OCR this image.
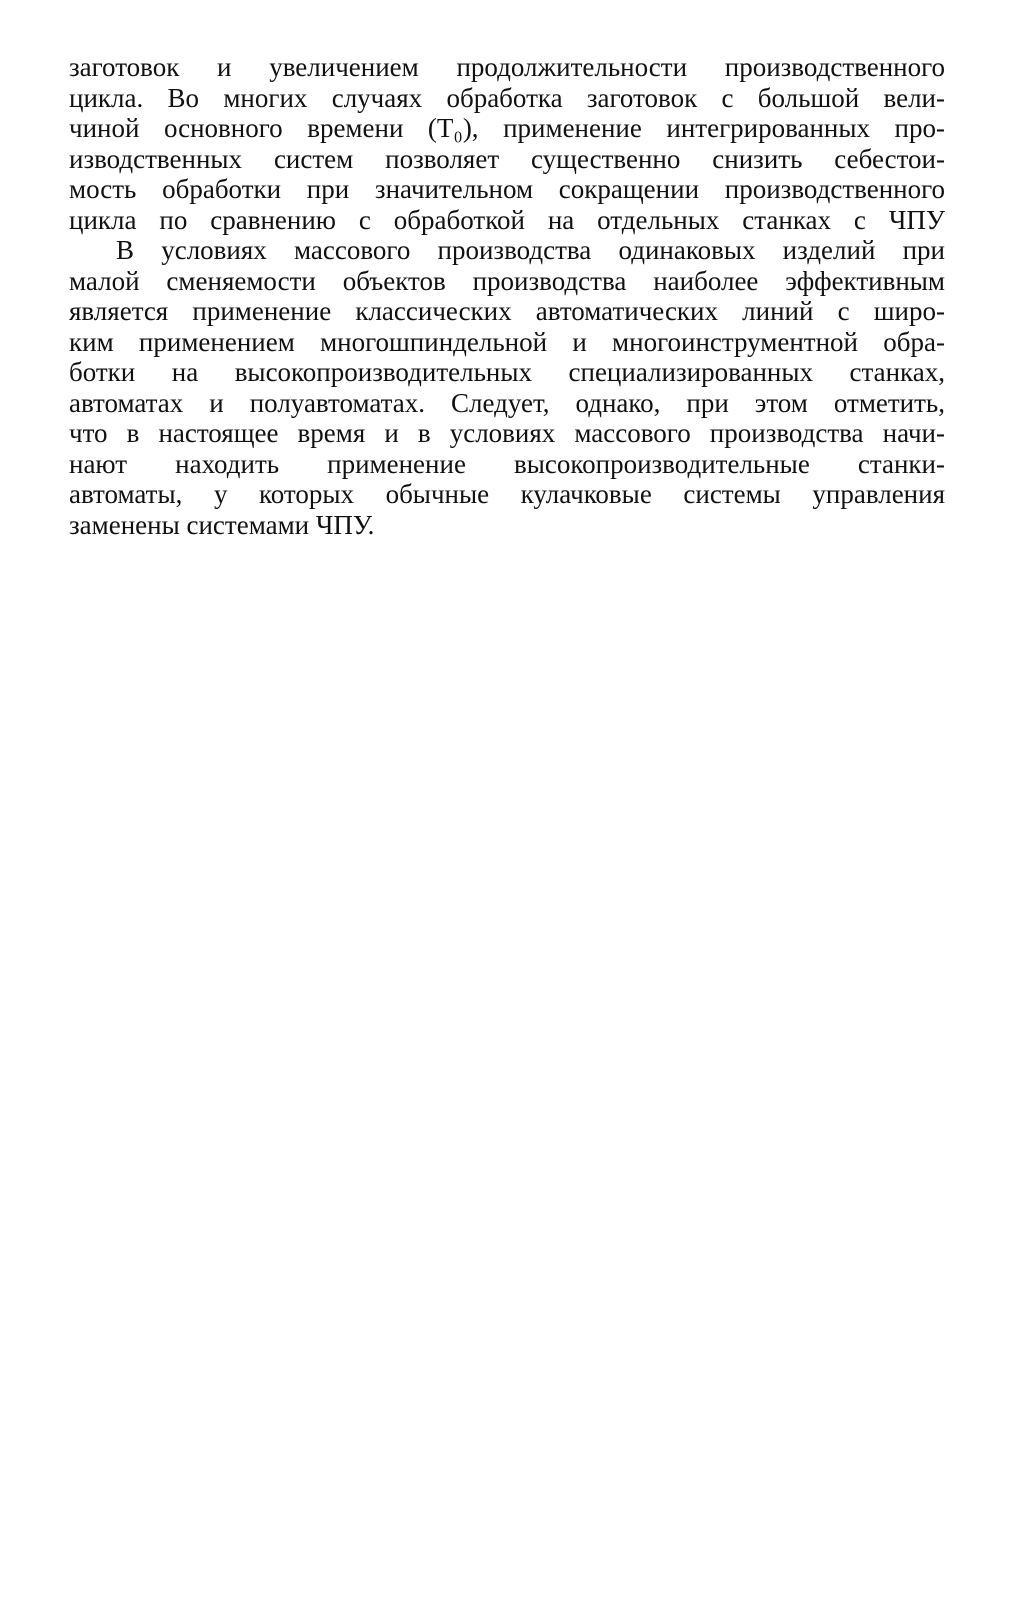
заготовок и увеличением продолжительности производственного
цикла. Во многих случаях обработка заготовок с большой вели-
чиной основного времени (T₀), применение интегрированных про-
изводственных систем позволяет существенно снизить себестои-
мость обработки при значительном сокращении производственного
цикла по сравнению с обработкой на отдельных станках с ЧПУ
В условиях массового производства одинаковых изделий при
малой сменяемости объектов производства наиболее эффективным
является применение классических автоматических линий с широ-
ким применением многошпиндельной и многоинструментной обра-
ботки на высокопроизводительных специализированных станках,
автоматах и полуавтоматах. Следует, однако, при этом отметить,
что в настоящее время и в условиях массового производства начи-
нают находить применение высокопроизводительные станки-
автоматы, у которых обычные кулачковые системы управления
заменены системами ЧПУ.
